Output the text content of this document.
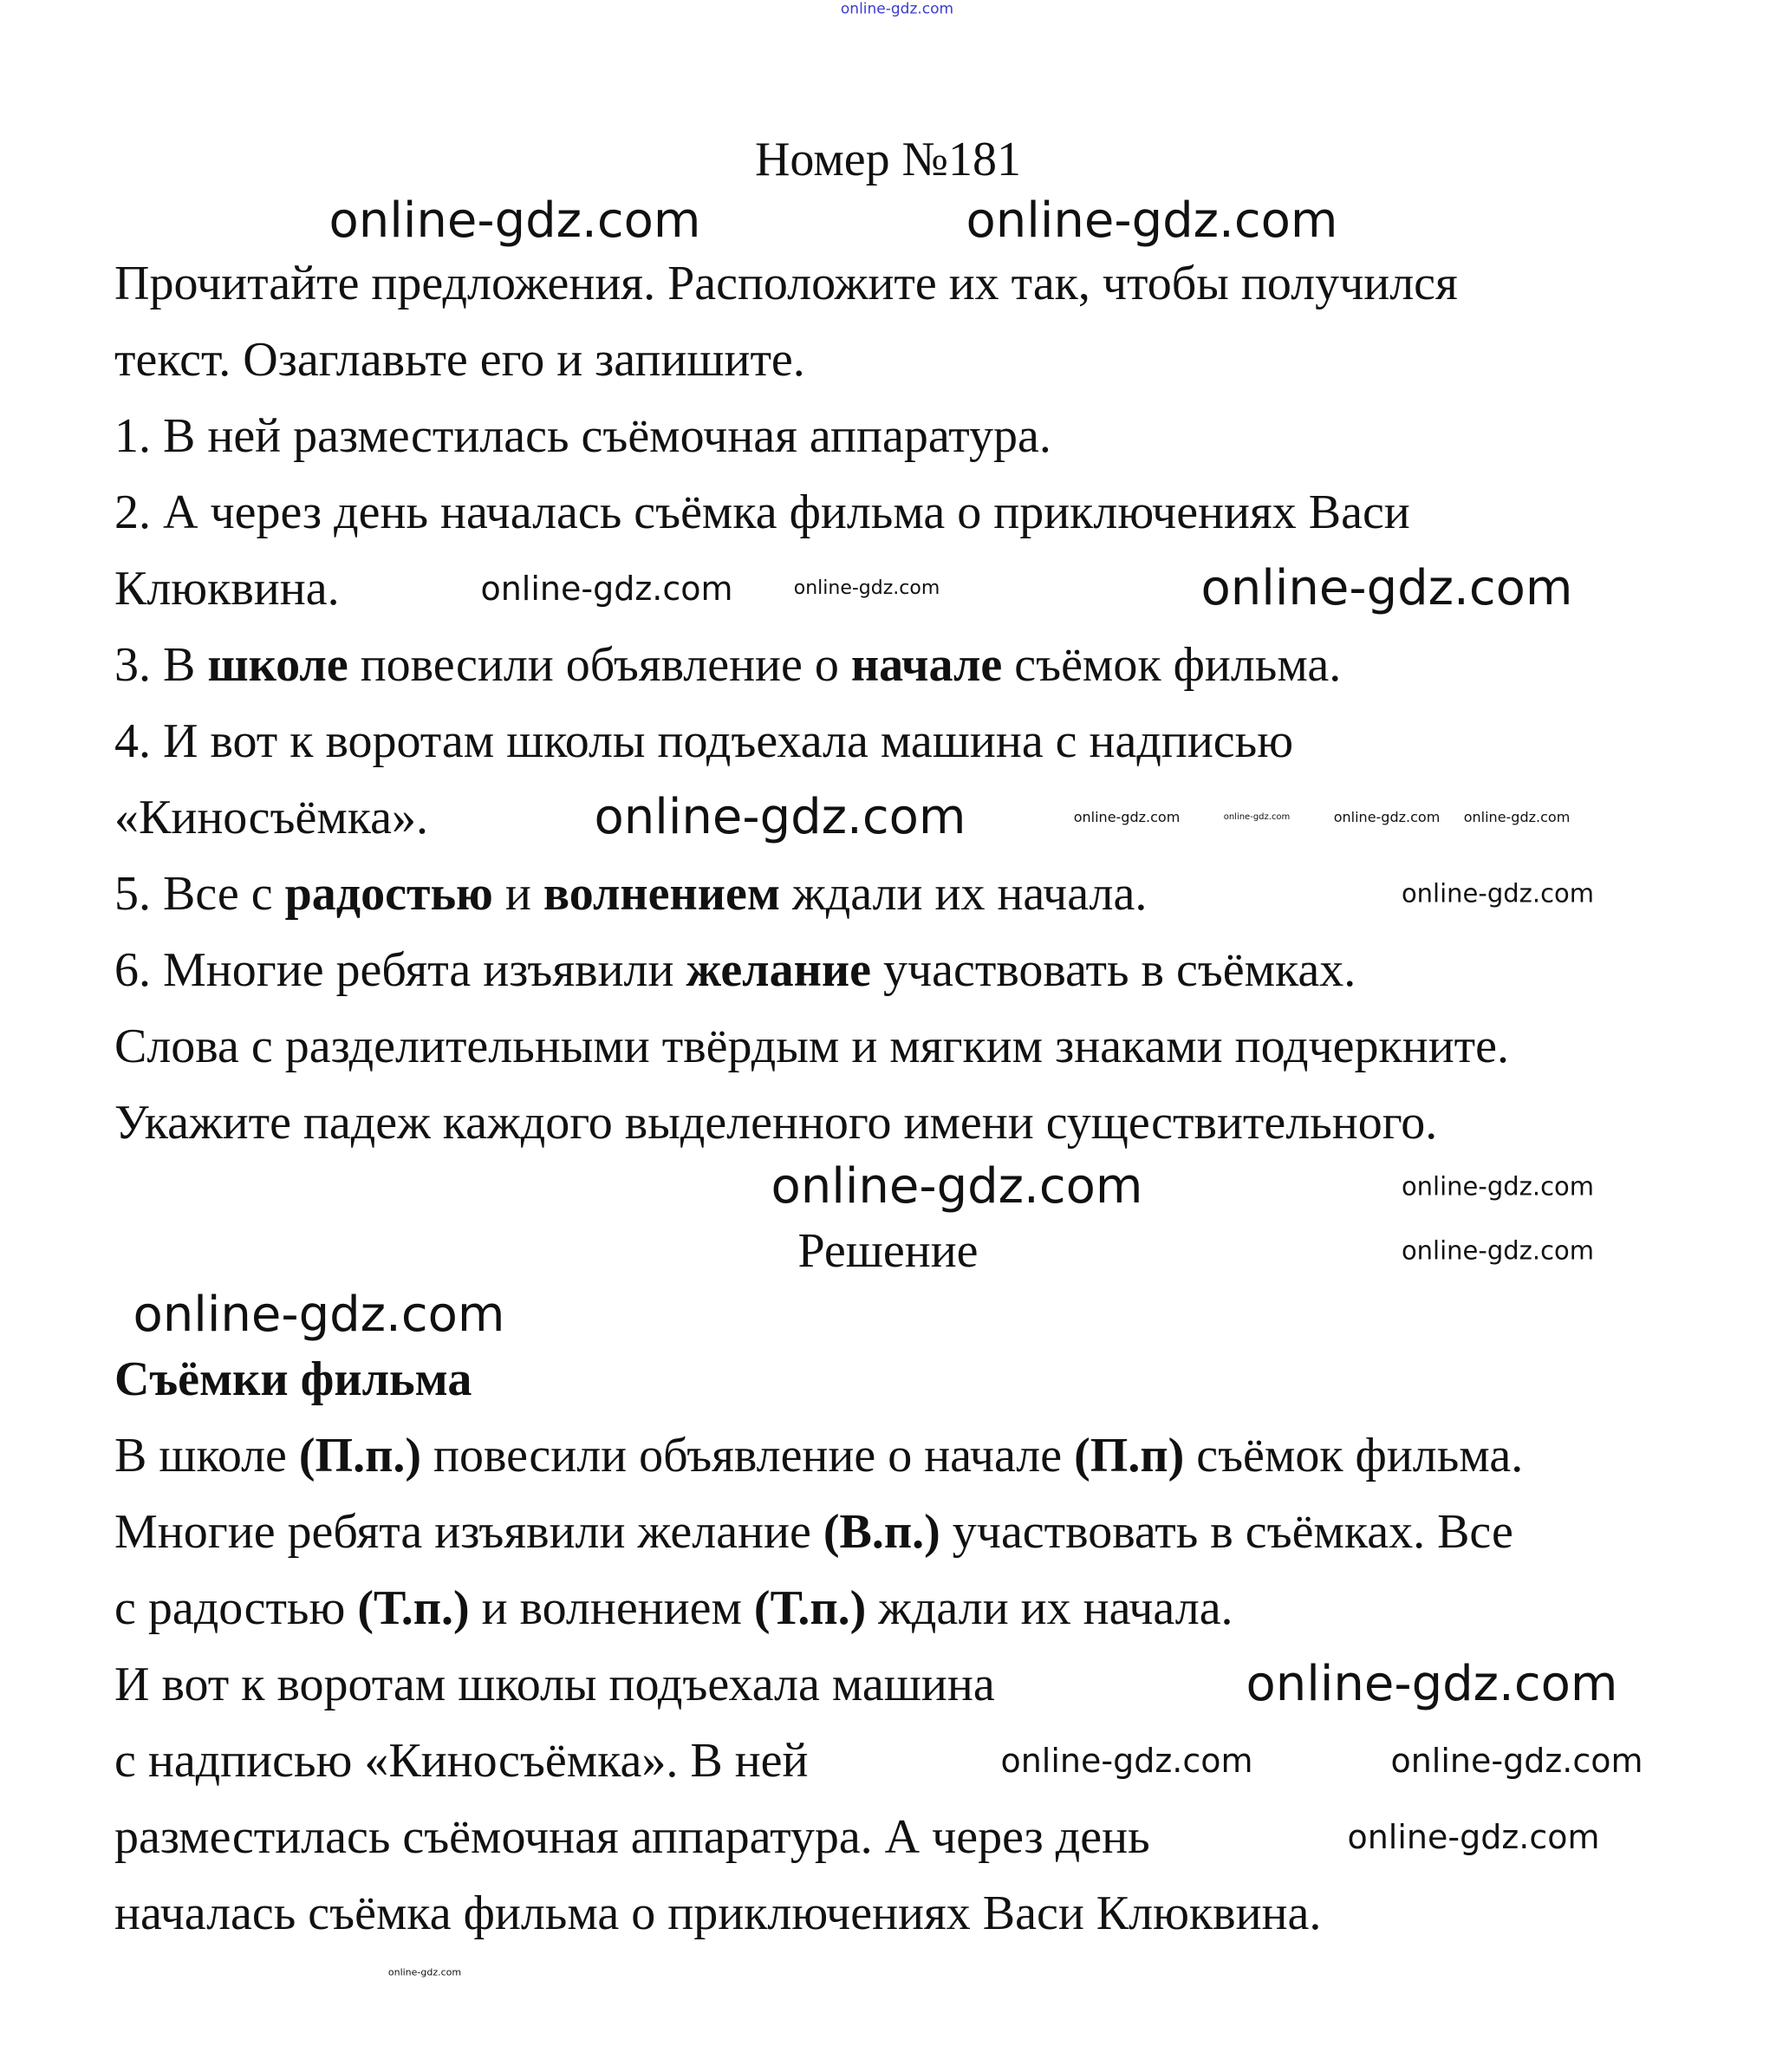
Номер №181
Прочитайте предложения. Расположите их так, чтобы получился
текст. Озаглавьте его и запишите.
1. В ней разместилась съёмочная аппаратура.
2. А через день началась съёмка фильма о приключениях Васи
Клюквина.
3. В школе повесили объявление о начале съёмок фильма.
4. И вот к воротам школы подъехала машина с надписью
«Киносъёмка».
5. Все с радостью и волнением ждали их начала.
6. Многие ребята изъявили желание участвовать в съёмках.
Слова с разделительными твёрдым и мягким знаками подчеркните.
Укажите падеж каждого выделенного имени существительного.
Решение
Съёмки фильма
В школе (П.п.) повесили объявление о начале (П.п) съёмок фильма.
Многие ребята изъявили желание (В.п.) участвовать в съёмках. Все
с радостью (Т.п.) и волнением (Т.п.) ждали их начала.
И вот к воротам школы подъехала машина
с надписью «Киносъёмка». В ней
разместилась съёмочная аппаратура. А через день
началась съёмка фильма о приключениях Васи Клюквина.
online-gdz.com
online-gdz.com	online-gdz.com
online-gdz.com	online-gdz.com	online-gdz.com
online-gdz.com	online-gdz.com	online-gdz.com	online-gdz.com online-gdz.com
online-gdz.com
online-gdz.com	online-gdz.com
online-gdz.com
online-gdz.com
online-gdz.com
online-gdz.com	online-gdz.com
online-gdz.com
online-gdz.com
